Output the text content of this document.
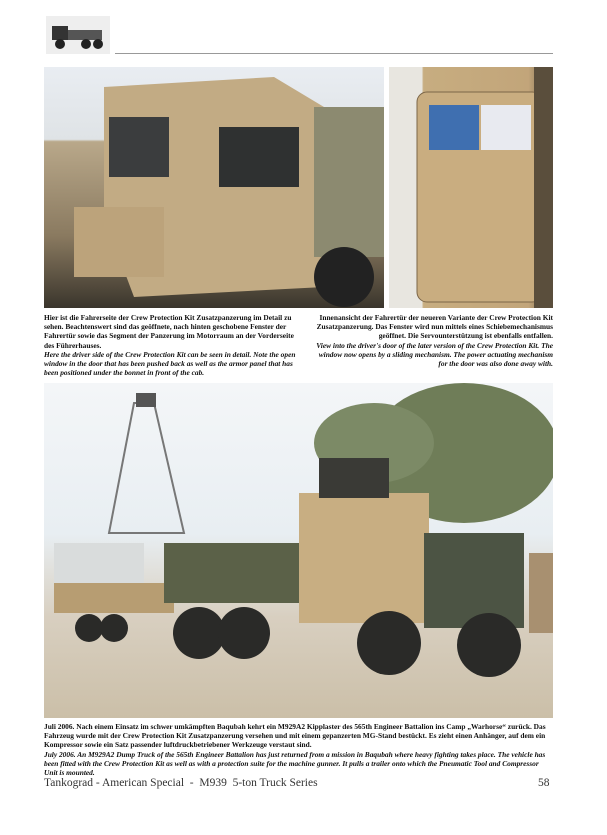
Hier ist die Fahrerseite der Crew Protection Kit Zusatzpanzerung im Detail zu sehen. Beachtenswert sind das geöffnete, nach hinten geschobene Fenster der Fahrertür sowie das Segment der Panzerung im Motorraum an der Vorderseite des Führerhauses.
Here the driver side of the Crew Protection Kit can be seen in detail. Note the open window in the door that has been pushed back as well as the armor panel that has been positioned under the bonnet in front of the cab.
Innenansicht der Fahrertür der neueren Variante der Crew Protection Kit Zusatzpanzerung. Das Fenster wird nun mittels eines Schiebemechanismus geöffnet. Die Servounterstützung ist ebenfalls entfallen.
View into the driver's door of the later version of the Crew Protection Kit. The window now opens by a sliding mechanism. The power actuating mechanism for the door was also done away with.
Juli 2006. Nach einem Einsatz im schwer umkämpften Baqubah kehrt ein M929A2 Kipplaster des 565th Engineer Battalion ins Camp „Warhorse“ zurück. Das Fahrzeug wurde mit der Crew Protection Kit Zusatzpanzerung versehen und mit einem gepanzerten MG-Stand bestückt. Es zieht einen Anhänger, auf dem ein Kompressor sowie ein Satz passender luftdruckbetriebener Werkzeuge verstaut sind.
July 2006. An M929A2 Dump Truck of the 565th Engineer Battalion has just returned from a mission in Baqubah where heavy fighting takes place. The vehicle has been fitted with the Crew Protection Kit as well as with a protection suite for the machine gunner. It pulls a trailer onto which the Pneumatic Tool and Compressor Unit is mounted.
Tankograd - American Special  -  M939  5-ton Truck Series	58
